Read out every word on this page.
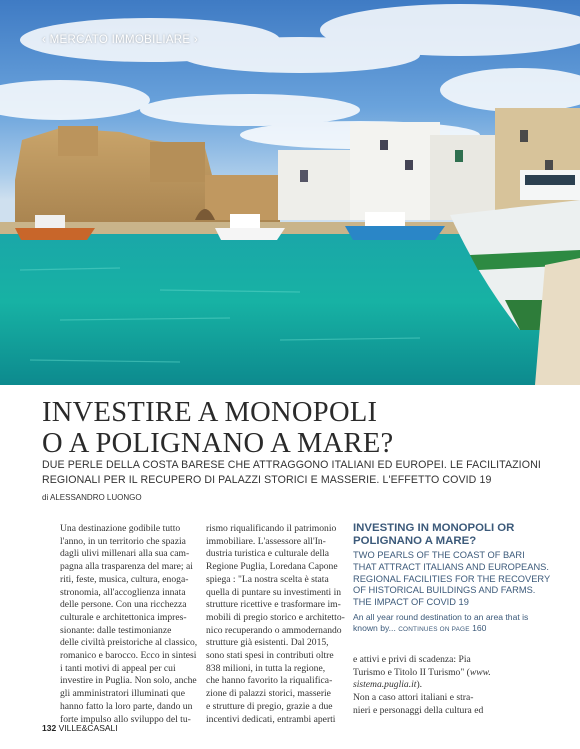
‹ MERCATO IMMOBILIARE ›
INVESTIRE A MONOPOLI
O A POLIGNANO A MARE?
DUE PERLE DELLA COSTA BARESE CHE ATTRAGGONO ITALIANI ED EUROPEI. LE FACILITAZIONI
REGIONALI PER IL RECUPERO DI PALAZZI STORICI E MASSERIE. L'EFFETTO COVID 19
di ALESSANDRO LUONGO
Una destinazione godibile tutto
l'anno, in un territorio che spazia
dagli ulivi millenari alla sua cam-
pagna alla trasparenza del mare; ai
riti, feste, musica, cultura, enoga-
stronomia, all'accoglienza innata
delle persone. Con una ricchezza
culturale e architettonica impres-
sionante: dalle testimonianze
delle civiltà preistoriche al classico,
romanico e barocco. Ecco in sintesi
i tanti motivi di appeal per cui
investire in Puglia. Non solo, anche
gli amministratori illuminati que
hanno fatto la loro parte, dando un
forte impulso allo sviluppo del tu-
rismo riqualificando il patrimonio
immobiliare. L'assessore all'In-
dustria turistica e culturale della
Regione Puglia, Loredana Capone
spiega : "La nostra scelta è stata
quella di puntare su investimenti in
strutture ricettive e trasformare im-
mobili di pregio storico e architetto-
nico recuperando o ammodernando
strutture già esistenti. Dal 2015,
sono stati spesi in contributi oltre
838 milioni, in tutta la regione,
che hanno favorito la riqualifica-
zione di palazzi storici, masserie
e strutture di pregio, grazie a due
incentivi dedicati, entrambi aperti
INVESTING IN MONOPOLI OR
POLIGNANO A MARE?
TWO PEARLS OF THE COAST OF BARI
THAT ATTRACT ITALIANS AND EUROPEANS.
REGIONAL FACILITIES FOR THE RECOVERY
OF HISTORICAL BUILDINGS AND FARMS.
THE IMPACT OF COVID 19
An all year round destination to an area that is
known by... CONTINUES ON PAGE 160
e attivi e privi di scadenza: Pia
Turismo e Titolo II Turismo" (www.
sistema.puglia.it).
Non a caso attori italiani e stra-
nieri e personaggi della cultura ed
132 VILLE&CASALI
